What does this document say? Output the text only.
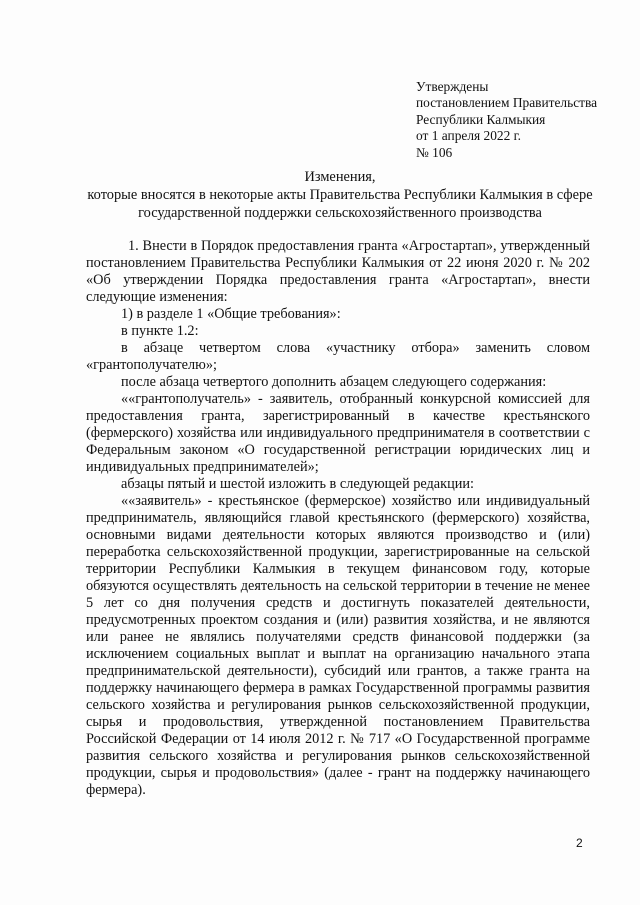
Утверждены
постановлением Правительства
Республики Калмыкия
от 1 апреля 2022 г.
№ 106
Изменения,
которые вносятся в некоторые акты Правительства Республики Калмыкия в сфере государственной поддержки сельскохозяйственного производства

1. Внести в Порядок предоставления гранта «Агростартап», утвержденный постановлением Правительства Республики Калмыкия от 22 июня 2020 г. № 202 «Об утверждении Порядка предоставления гранта «Агростартап», внести следующие изменения:

1) в разделе 1 «Общие требования»:

в пункте 1.2:

в абзаце четвертом слова «участнику отбора» заменить словом «грантополучателю»;

после абзаца четвертого дополнить абзацем следующего содержания:

««грантополучатель» - заявитель, отобранный конкурсной комиссией для предоставления гранта, зарегистрированный в качестве крестьянского (фермерского) хозяйства или индивидуального предпринимателя в соответствии с Федеральным законом «О государственной регистрации юридических лиц и индивидуальных предпринимателей»;

абзацы пятый и шестой изложить в следующей редакции:

««заявитель» - крестьянское (фермерское) хозяйство или индивидуальный предприниматель, являющийся главой крестьянского (фермерского) хозяйства, основными видами деятельности которых являются производство и (или) переработка сельскохозяйственной продукции, зарегистрированные на сельской территории Республики Калмыкия в текущем финансовом году, которые обязуются осуществлять деятельность на сельской территории в течение не менее 5 лет со дня получения средств и достигнуть показателей деятельности, предусмотренных проектом создания и (или) развития хозяйства, и не являются или ранее не являлись получателями средств финансовой поддержки (за исключением социальных выплат и выплат на организацию начального этапа предпринимательской деятельности), субсидий или грантов, а также гранта на поддержку начинающего фермера в рамках Государственной программы развития сельского хозяйства и регулирования рынков сельскохозяйственной продукции, сырья и продовольствия, утвержденной постановлением Правительства Российской Федерации от 14 июля 2012 г. № 717 «О Государственной программе развития сельского хозяйства и регулирования рынков сельскохозяйственной продукции, сырья и продовольствия» (далее - грант на поддержку начинающего фермера).

2
